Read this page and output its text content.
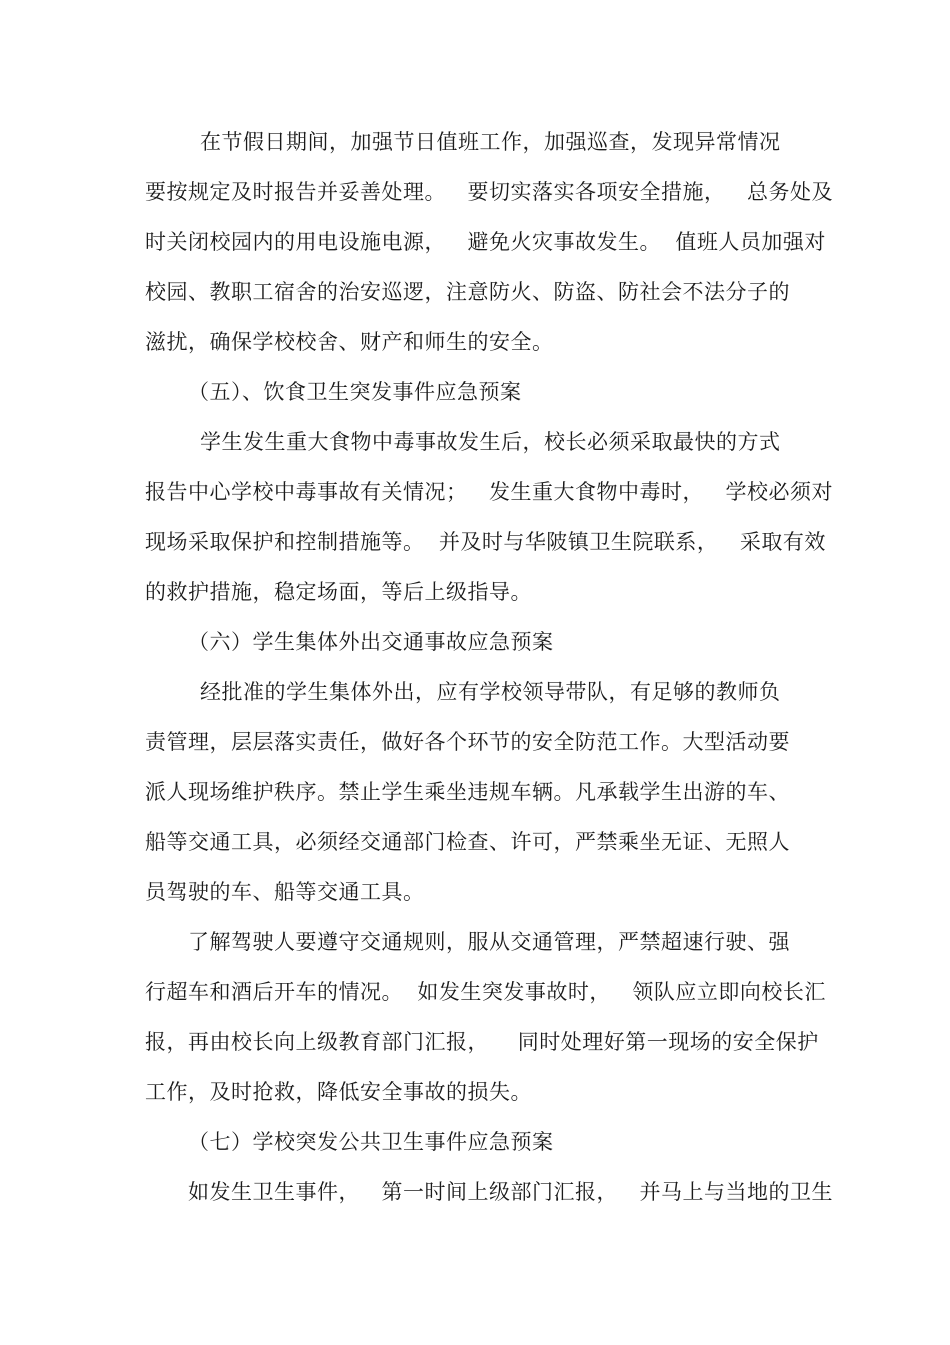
在节假日期间，加强节日值班工作，加强巡查，发现异常情况
要按规定及时报告并妥善处理。   要切实落实各项安全措施，   总务处及
时关闭校园内的用电设施电源，   避免火灾事故发生。  值班人员加强对
校园、教职工宿舍的治安巡逻，注意防火、防盗、防社会不法分子的
滋扰，确保学校校舍、财产和师生的安全。
（五）、饮食卫生突发事件应急预案
学生发生重大食物中毒事故发生后，校长必须采取最快的方式
报告中心学校中毒事故有关情况；   发生重大食物中毒时，   学校必须对
现场采取保护和控制措施等。  并及时与华陂镇卫生院联系，   采取有效
的救护措施，稳定场面，等后上级指导。
（六）学生集体外出交通事故应急预案
经批准的学生集体外出，应有学校领导带队，有足够的教师负
责管理，层层落实责任，做好各个环节的安全防范工作。大型活动要
派人现场维护秩序。禁止学生乘坐违规车辆。凡承载学生出游的车、
船等交通工具，必须经交通部门检查、许可，严禁乘坐无证、无照人
员驾驶的车、船等交通工具。
了解驾驶人要遵守交通规则，服从交通管理，严禁超速行驶、强
行超车和酒后开车的情况。  如发生突发事故时，   领队应立即向校长汇
报，再由校长向上级教育部门汇报，    同时处理好第一现场的安全保护
工作，及时抢救，降低安全事故的损失。
（七）学校突发公共卫生事件应急预案
如发生卫生事件，   第一时间上级部门汇报，   并马上与当地的卫生
